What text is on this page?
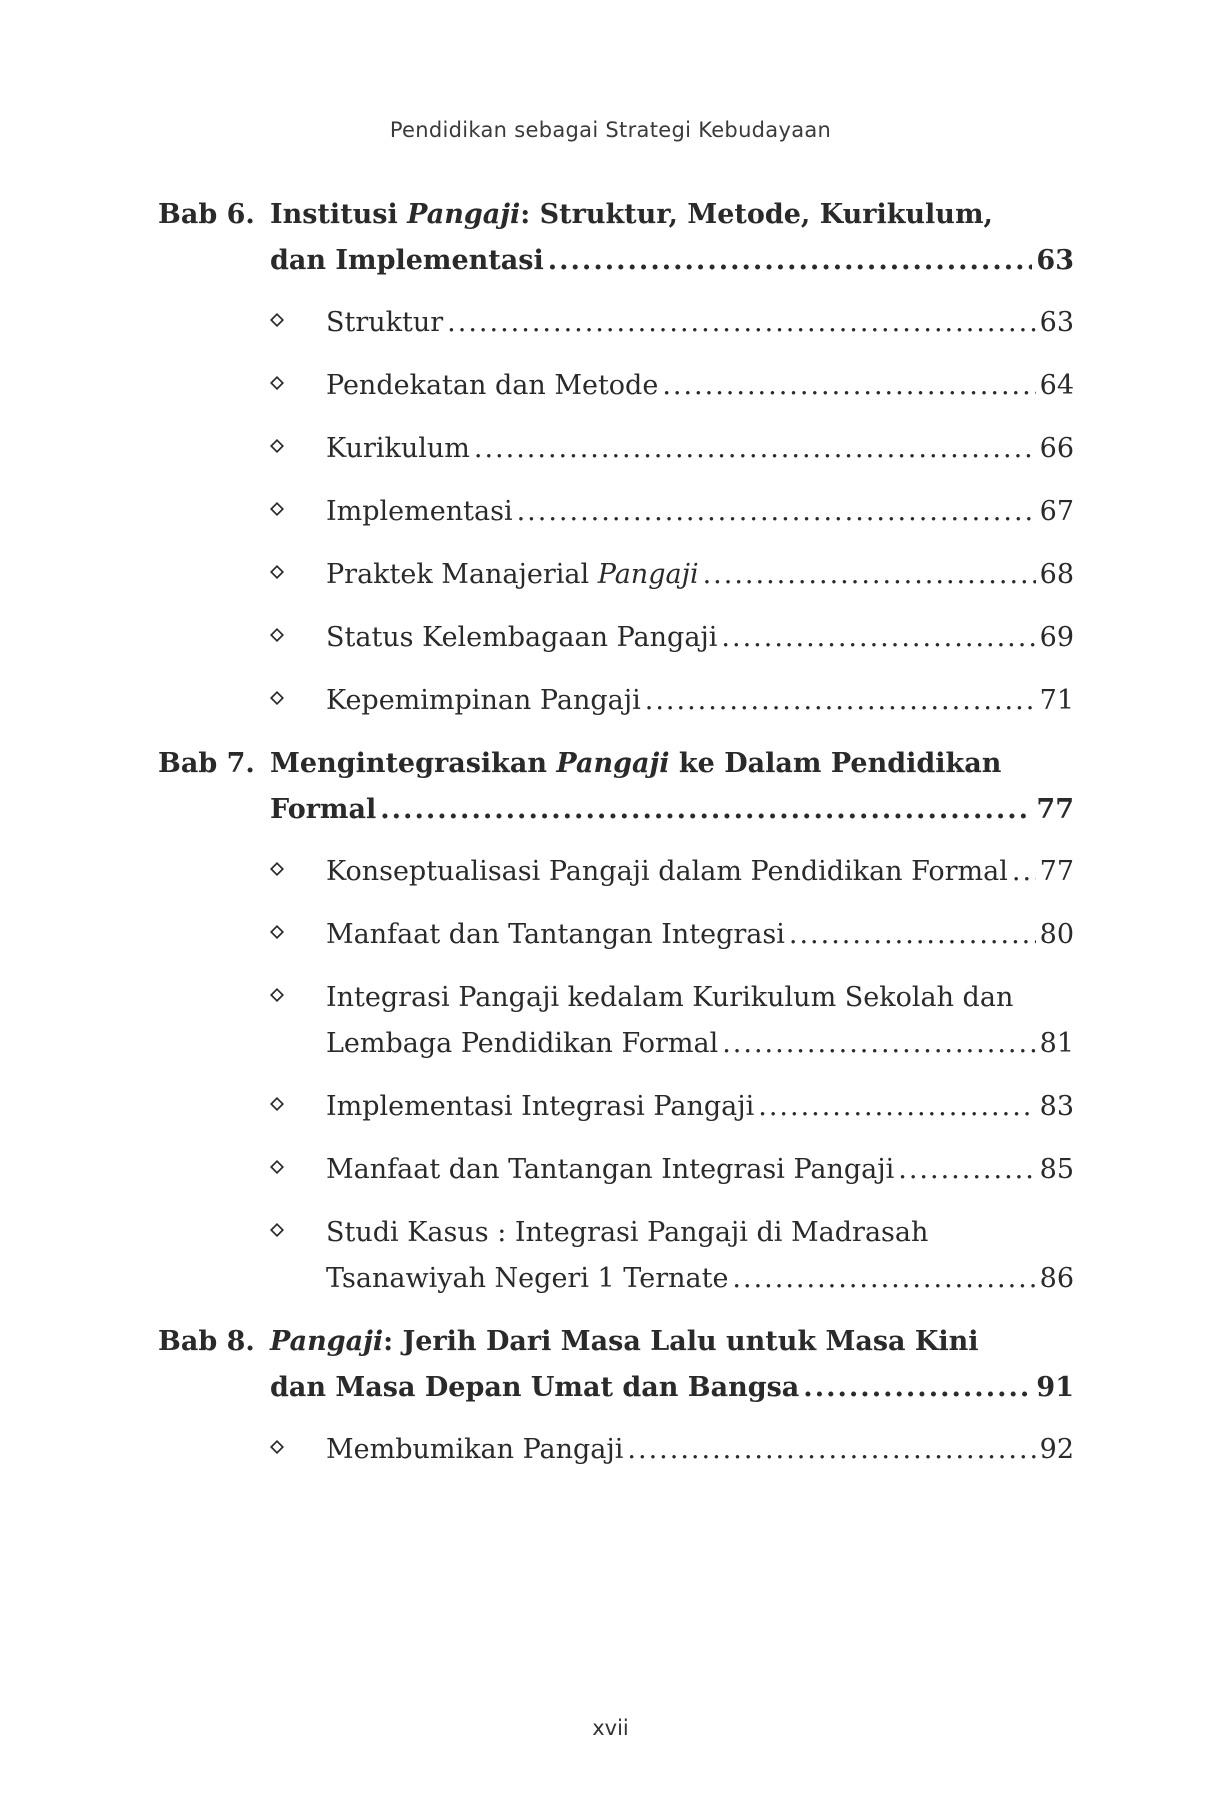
Pendidikan sebagai Strategi Kebudayaan
Bab 6. Institusi Pangaji: Struktur, Metode, Kurikulum,
dan Implementasi .....	63
Struktur .....	63
Pendekatan dan Metode .....	64
Kurikulum .....	66
Implementasi .....	67
Praktek Manajerial Pangaji .....	68
Status Kelembagaan Pangaji .....	69
Kepemimpinan Pangaji .....	71
Bab 7. Mengintegrasikan Pangaji ke Dalam Pendidikan
Formal .....	77
Konseptualisasi Pangaji dalam Pendidikan Formal ..... 77
Manfaat dan Tantangan Integrasi .....	80
Integrasi Pangaji kedalam Kurikulum Sekolah dan
Lembaga Pendidikan Formal .....	81
Implementasi Integrasi Pangaji .....	83
Manfaat dan Tantangan Integrasi Pangaji .....	85
Studi Kasus : Integrasi Pangaji di Madrasah
Tsanawiyah Negeri 1 Ternate .....	86
Bab 8. Pangaji: Jerih Dari Masa Lalu untuk Masa Kini
dan Masa Depan Umat dan Bangsa .....	91
Membumikan Pangaji .....	92
xvii
